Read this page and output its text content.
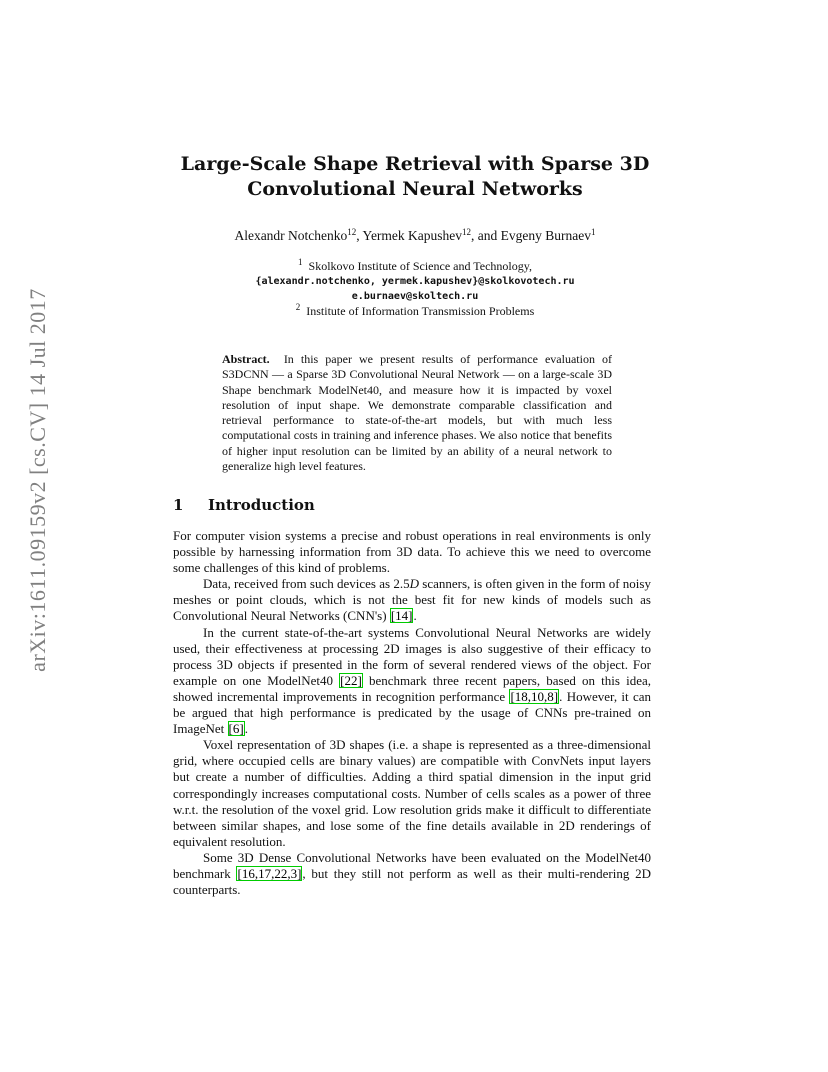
arXiv:1611.09159v2 [cs.CV] 14 Jul 2017
Large-Scale Shape Retrieval with Sparse 3D
Convolutional Neural Networks
Alexandr Notchenko$^{12}$, Yermek Kapushev$^{12}$, and Evgeny Burnaev$^1$
$^1$ Skolkovo Institute of Science and Technology,
{alexandr.notchenko, yermek.kapushev}@skolkovotech.ru
e.burnaev@skoltech.ru
$^2$ Institute of Information Transmission Problems
Abstract. In this paper we present results of performance evaluation of S3DCNN — a Sparse 3D Convolutional Neural Network — on a large-scale 3D Shape benchmark ModelNet40, and measure how it is impacted by voxel resolution of input shape. We demonstrate comparable classification and retrieval performance to state-of-the-art models, but with much less computational costs in training and inference phases. We also notice that benefits of higher input resolution can be limited by an ability of a neural network to generalize high level features.
1 Introduction

For computer vision systems a precise and robust operations in real environments is only possible by harnessing information from 3D data. To achieve this we need to overcome some challenges of this kind of problems.

Data, received from such devices as 2.5D scanners, is often given in the form of noisy meshes or point clouds, which is not the best fit for new kinds of models such as Convolutional Neural Networks (CNN's) [14].

In the current state-of-the-art systems Convolutional Neural Networks are widely used, their effectiveness at processing 2D images is also suggestive of their efficacy to process 3D objects if presented in the form of several rendered views of the object. For example on one ModelNet40 [22] benchmark three recent papers, based on this idea, showed incremental improvements in recognition performance [18,10,8]. However, it can be argued that high performance is predicated by the usage of CNNs pre-trained on ImageNet [6].

Voxel representation of 3D shapes (i.e. a shape is represented as a three-dimensional grid, where occupied cells are binary values) are compatible with ConvNets input layers but create a number of difficulties. Adding a third spatial dimension in the input grid correspondingly increases computational costs. Number of cells scales as a power of three w.r.t. the resolution of the voxel grid. Low resolution grids make it difficult to differentiate between similar shapes, and lose some of the fine details available in 2D renderings of equivalent resolution.

Some 3D Dense Convolutional Networks have been evaluated on the ModelNet40 benchmark [16,17,22,3], but they still not perform as well as their multi-rendering 2D counterparts.
